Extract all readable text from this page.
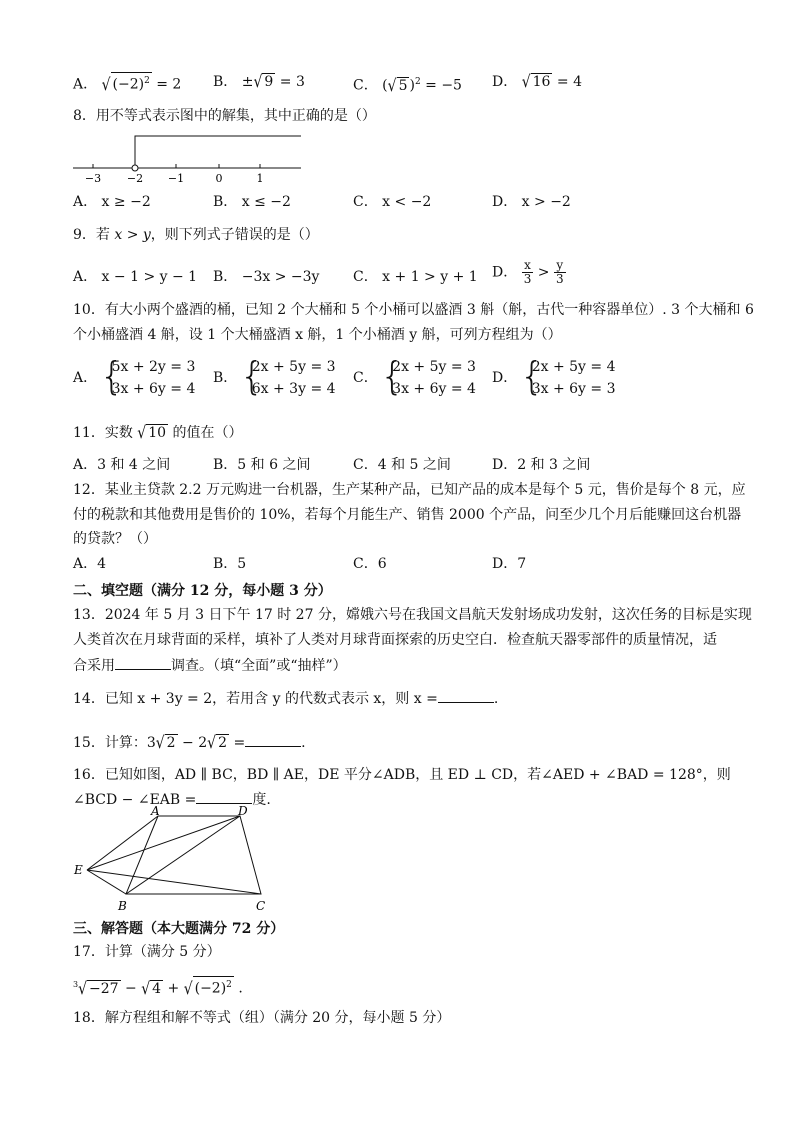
A． √ $(-2)^2 = 2$ B． ±√ 9 = 3	C． (√ 5 )$^2$ = −5 D． √ 16 = 4
8．用不等式表示图中的解集，其中正确的是（）
−3 −2 −1	0	1
A． x ≥ −2	B． x ≤ −2	C． x < −2	D． x > −2
9．若 x > y，则下列式子错误的是（）
A． x − 1 > y − 1 B． −3x > −3y C． x + 1 > y + 1 D． $\frac{x}{3} > \frac{y}{3}$
10．有大小两个盛酒的桶，已知 2 个大桶和 5 个小桶可以盛酒 3 斛（斛，古代一种容器单位）. 3 个大桶和 6
个小桶盛酒 4 斛，设 1 个大桶盛酒 x 斛，1 个小桶酒 y 斛，可列方程组为（）
A．
{ 5x + 2y = 3
3x + 6y = 4
B．
{ 2x + 5y = 3
6x + 3y = 4
C．
{ 2x + 5y = 3
3x + 6y = 4
D．
{ 2x + 5y = 4
3x + 6y = 3
11．实数 √ 10 的值在（）
A．3 和 4 之间	B．5 和 6 之间	C．4 和 5 之间	D．2 和 3 之间
12．某业主贷款 2.2 万元购进一台机器，生产某种产品，已知产品的成本是每个 5 元，售价是每个 8 元，应
付的税款和其他费用是售价的 10%，若每个月能生产、销售 2000 个产品，问至少几个月后能赚回这台机器
的贷款？（）
A．4	B．5	C．6	D．7
二、填空题（满分 12 分，每小题 3 分）
13．2024 年 5 月 3 日下午 17 时 27 分，嫦娥六号在我国文昌航天发射场成功发射，这次任务的目标是实现
人类首次在月球背面的采样，填补了人类对月球背面探索的历史空白．检查航天器零部件的质量情况，适
合采用	调查。（填“全面”或“抽样”）
14．已知 x + 3y = 2，若用含 y 的代数式表示 x，则 x =	.
15．计算：3√ 2 − 2√ 2 =	.
16．已知如图，AD ∥ BC，BD ∥ AE，DE 平分∠ADB，且 ED ⊥ CD，若∠AED + ∠BAD = 128°，则
∠BCD − ∠EAB =	度.
A	D
E
B	C
三、解答题（本大题满分 72 分）
17．计算（满分 5 分）
$^3$√ −27 − √ 4 + √ $(-2)^2$ .
18．解方程组和解不等式（组）（满分 20 分，每小题 5 分）
